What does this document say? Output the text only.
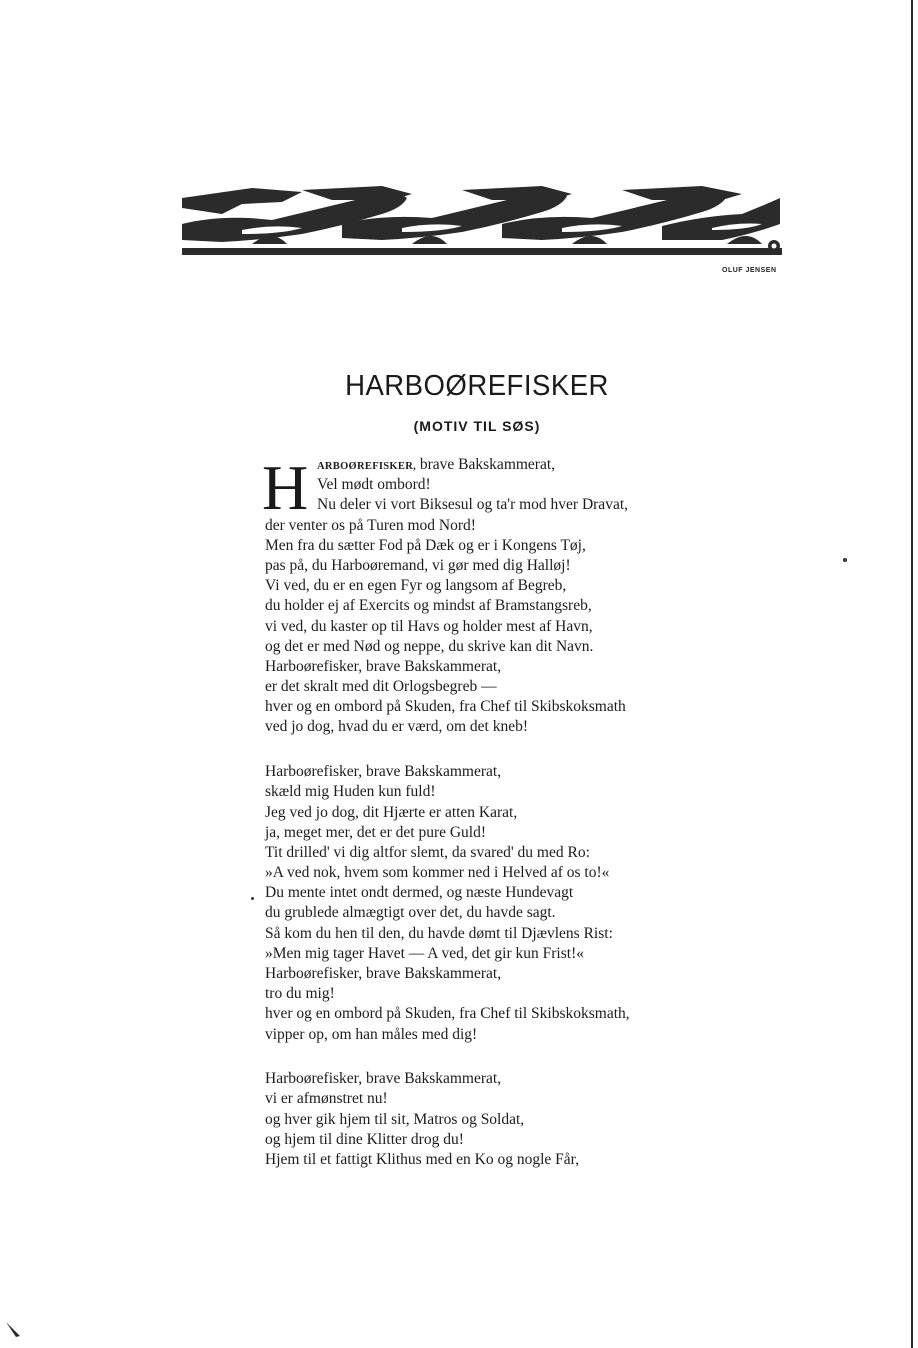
OLUF JENSEN
HARBOØREFISKER
(MOTIV TIL SØS)
H ARBOØREFISKER, brave Bakskammerat,
Vel mødt ombord!
Nu deler vi vort Biksesul og ta'r mod hver Dravat,
der venter os på Turen mod Nord!
Men fra du sætter Fod på Dæk og er i Kongens Tøj,
pas på, du Harboøremand, vi gør med dig Halløj!
Vi ved, du er en egen Fyr og langsom af Begreb,
du holder ej af Exercits og mindst af Bramstangsreb,
vi ved, du kaster op til Havs og holder mest af Havn,
og det er med Nød og neppe, du skrive kan dit Navn.
Harboørefisker, brave Bakskammerat,
er det skralt med dit Orlogsbegreb —
hver og en ombord på Skuden, fra Chef til Skibskoksmath
ved jo dog, hvad du er værd, om det kneb!
Harboørefisker, brave Bakskammerat,
skæld mig Huden kun fuld!
Jeg ved jo dog, dit Hjærte er atten Karat,
ja, meget mer, det er det pure Guld!
Tit drilled' vi dig altfor slemt, da svared' du med Ro:
»A ved nok, hvem som kommer ned i Helved af os to!«
Du mente intet ondt dermed, og næste Hundevagt
du grublede almægtigt over det, du havde sagt.
Så kom du hen til den, du havde dømt til Djævlens Rist:
»Men mig tager Havet — A ved, det gir kun Frist!«
Harboørefisker, brave Bakskammerat,
tro du mig!
hver og en ombord på Skuden, fra Chef til Skibskoksmath,
vipper op, om han måles med dig!
Harboørefisker, brave Bakskammerat,
vi er afmønstret nu!
og hver gik hjem til sit, Matros og Soldat,
og hjem til dine Klitter drog du!
Hjem til et fattigt Klithus med en Ko og nogle Får,
